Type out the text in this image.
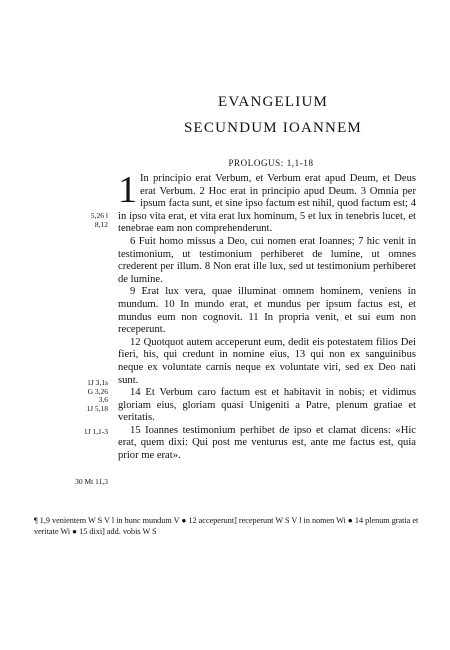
EVANGELIUM
SECUNDUM IOANNEM
PROLOGUS: 1,1-18
5,26 l
8,12
1J 3,1s
G 3,26
3,6
1J 5,18
1J 1,1-3
30 Mt 11,3

1 In principio erat Verbum, et Verbum erat apud Deum, et Deus erat Verbum. 2 Hoc erat in principio apud Deum. 3 Omnia per ipsum facta sunt, et sine ipso factum est nihil, quod factum est; 4 in ipso vita erat, et vita erat lux hominum, 5 et lux in tenebris lucet, et tenebrae eam non comprehenderunt.

6 Fuit homo missus a Deo, cui nomen erat Ioannes; 7 hic venit in testimonium, ut testimonium perhiberet de lumine, ut omnes crederent per illum. 8 Non erat ille lux, sed ut testimonium perhiberet de lumine.

9 Erat lux vera, quae illuminat omnem hominem, veniens in mundum. 10 In mundo erat, et mundus per ipsum factus est, et mundus eum non cognovit. 11 In propria venit, et sui eum non receperunt.

12 Quotquot autem acceperunt eum, dedit eis potestatem filios Dei fieri, his, qui credunt in nomine eius, 13 qui non ex sanguinibus neque ex voluntate carnis neque ex voluntate viri, sed ex Deo nati sunt.

14 Et Verbum caro factum est et habitavit in nobis; et vidimus gloriam eius, gloriam quasi Unigeniti a Patre, plenum gratiae et veritatis.

15 Ioannes testimonium perhibet de ipso et clamat dicens: «Hic erat, quem dixi: Qui post me venturus est, ante me factus est, quia prior me erat».

¶ 1,9 venientem W S V l in hunc mundum V ● 12 acceperunt] receperunt W S V l in nomen Wi ● 14 plenum gratia et veritate Wi ● 15 dixi] add. vobis W S
